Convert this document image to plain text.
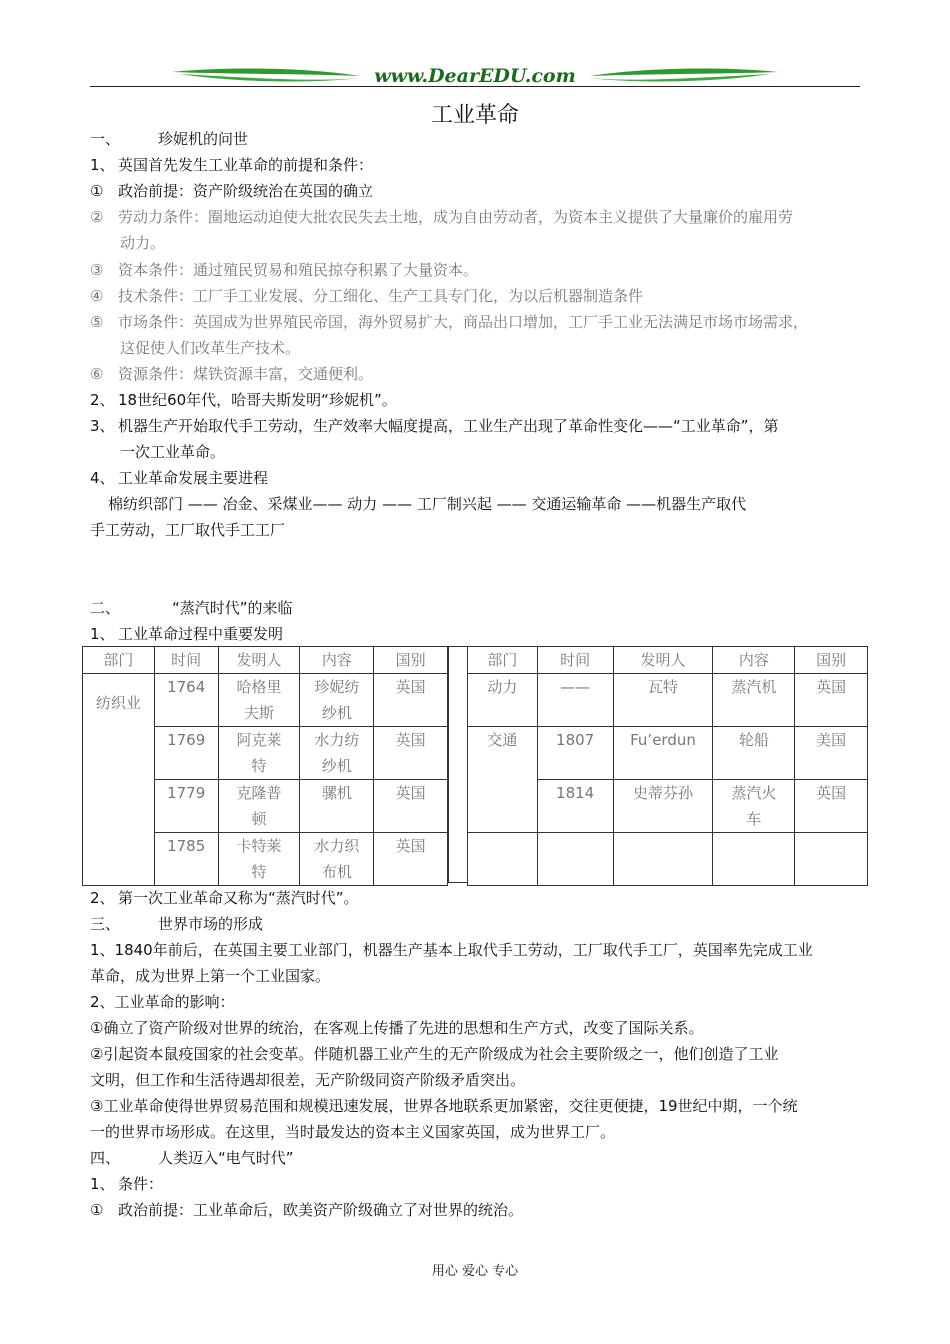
www.DearEDU.com
工业革命
一、	珍妮机的问世
1、 英国首先发生工业革命的前提和条件：
① 政治前提：资产阶级统治在英国的确立
② 劳动力条件：圈地运动迫使大批农民失去土地，成为自由劳动者，为资本主义提供了大量廉价的雇用劳
动力。
③ 资本条件：通过殖民贸易和殖民掠夺积累了大量资本。
④ 技术条件：工厂手工业发展、分工细化、生产工具专门化，为以后机器制造条件
⑤ 市场条件：英国成为世界殖民帝国，海外贸易扩大，商品出口增加，工厂手工业无法满足市场市场需求，
这促使人们改革生产技术。
⑥ 资源条件：煤铁资源丰富，交通便利。
2、 18世纪60年代，哈哥夫斯发明“珍妮机”。
3、 机器生产开始取代手工劳动，生产效率大幅度提高，工业生产出现了革命性变化——“工业革命”，第
一次工业革命。
4、 工业革命发展主要进程
棉纺织部门 —— 冶金、采煤业—— 动力 —— 工厂制兴起 —— 交通运输革命 ——机器生产取代
手工劳动，工厂取代手工工厂
二、	“蒸汽时代”的来临
1、 工业革命过程中重要发明
部门	时间	发明人	内容	国别
纺织业	1764	哈格里夫斯	珍妮纺纱机	英国
	1769	阿克莱特	水力纺纱机	英国
	1779	克隆普顿	骡机	英国
	1785	卡特莱特	水力织布机	英国
部门	时间	发明人	内容	国别
动力	——	瓦特	蒸汽机	英国
交通	1807	Fu’erdun	轮船	美国
	1814	史蒂芬孙	蒸汽火车	英国

2、 第一次工业革命又称为“蒸汽时代”。
三、	世界市场的形成
1、1840年前后，在英国主要工业部门，机器生产基本上取代手工劳动，工厂取代手工厂，英国率先完成工业
革命，成为世界上第一个工业国家。
2、工业革命的影响：
①确立了资产阶级对世界的统治，在客观上传播了先进的思想和生产方式，改变了国际关系。
②引起资本鼠疫国家的社会变革。伴随机器工业产生的无产阶级成为社会主要阶级之一，他们创造了工业
文明，但工作和生活待遇却很差，无产阶级同资产阶级矛盾突出。
③工业革命使得世界贸易范围和规模迅速发展，世界各地联系更加紧密，交往更便捷，19世纪中期，一个统
一的世界市场形成。在这里，当时最发达的资本主义国家英国，成为世界工厂。
四、	人类迈入“电气时代”
1、 条件：
① 政治前提：工业革命后，欧美资产阶级确立了对世界的统治。
用心 爱心 专心
